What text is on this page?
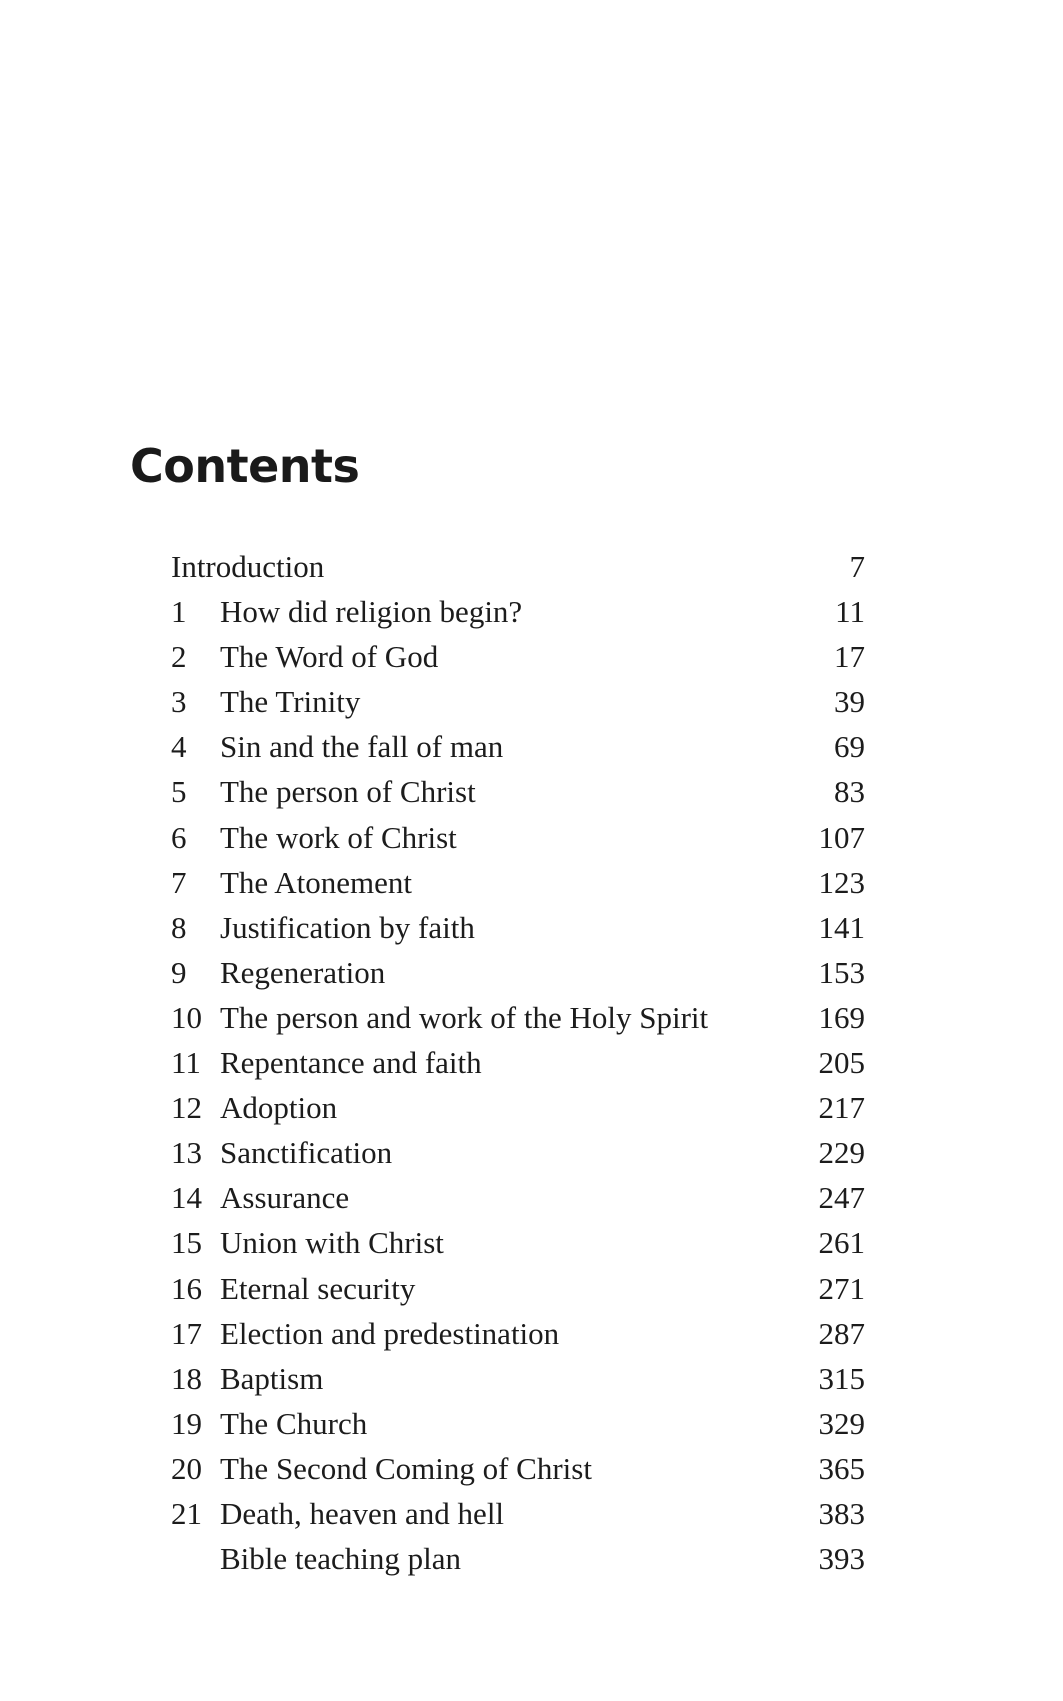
Contents
Introduction	7
1 How did religion begin?	11
2 The Word of God	17
3 The Trinity	39
4 Sin and the fall of man	69
5 The person of Christ	83
6 The work of Christ	107
7 The Atonement	123
8 Justification by faith	141
9 Regeneration	153
10 The person and work of the Holy Spirit	169
11 Repentance and faith	205
12 Adoption	217
13 Sanctification	229
14 Assurance	247
15 Union with Christ	261
16 Eternal security	271
17 Election and predestination	287
18 Baptism	315
19 The Church	329
20 The Second Coming of Christ	365
21 Death, heaven and hell	383
Bible teaching plan	393
